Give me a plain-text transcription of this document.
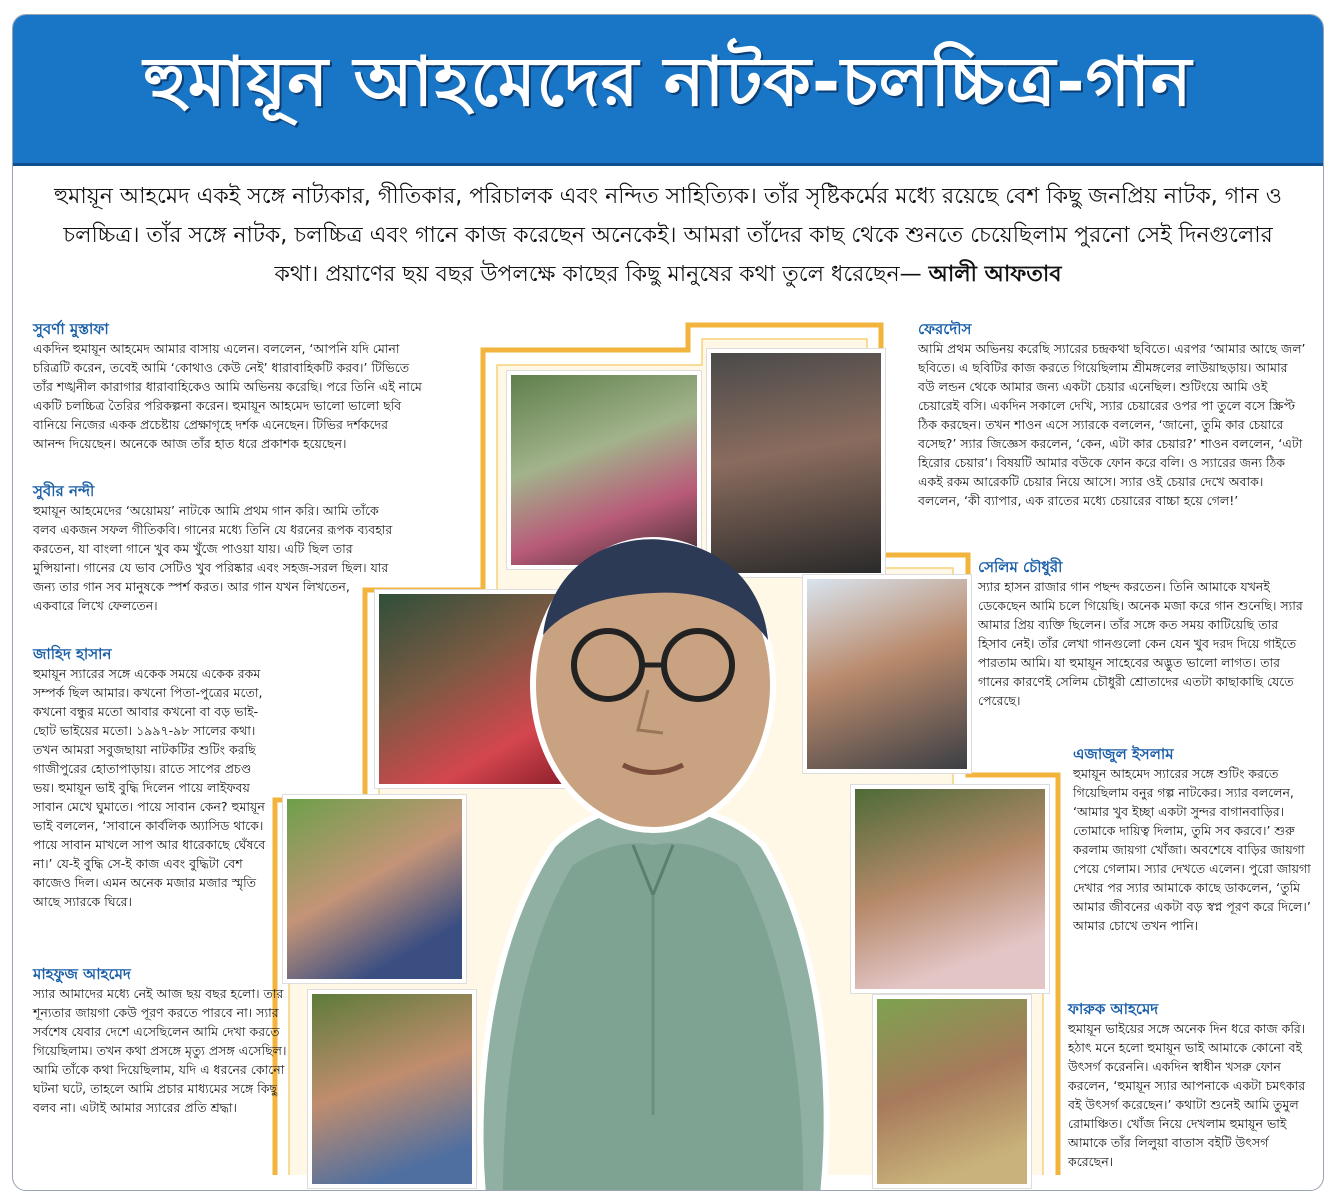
হুমায়ূন আহমেদের নাটক-চলচ্চিত্র-গান
হুমায়ূন আহমেদ একই সঙ্গে নাট্যকার, গীতিকার, পরিচালক এবং নন্দিত সাহিত্যিক। তাঁর সৃষ্টিকর্মের মধ্যে রয়েছে বেশ কিছু জনপ্রিয় নাটক, গান ও চলচ্চিত্র। তাঁর সঙ্গে নাটক, চলচ্চিত্র এবং গানে কাজ করেছেন অনেকেই। আমরা তাঁদের কাছ থেকে শুনতে চেয়েছিলাম পুরনো সেই দিনগুলোর কথা। প্রয়াণের ছয় বছর উপলক্ষে কাছের কিছু মানুষের কথা তুলে ধরেছেন— আলী আফতাব
সুবর্ণা মুস্তাফা

একদিন হুমায়ূন আহমেদ আমার বাসায় এলেন। বললেন, ‘আপনি যদি মোনা চরিত্রটি করেন, তবেই আমি ‘কোথাও কেউ নেই’ ধারাবাহিকটি করব।’ টিভিতে তাঁর শঙ্খনীল কারাগার ধারাবাহিকেও আমি অভিনয় করেছি। পরে তিনি এই নামে একটি চলচ্চিত্র তৈরির পরিকল্পনা করেন। হুমায়ূন আহমেদ ভালো ভালো ছবি বানিয়ে নিজের একক প্রচেষ্টায় প্রেক্ষাগৃহে দর্শক এনেছেন। টিভির দর্শকদের আনন্দ দিয়েছেন। অনেকে আজ তাঁর হাত ধরে প্রকাশক হয়েছেন।

সুবীর নন্দী

হুমায়ূন আহমেদের ‘অয়োময়’ নাটকে আমি প্রথম গান করি। আমি তাঁকে বলব একজন সফল গীতিকবি। গানের মধ্যে তিনি যে ধরনের রূপক ব্যবহার করতেন, যা বাংলা গানে খুব কম খুঁজে পাওয়া যায়। এটি ছিল তার মুন্সিয়ানা। গানের যে ভাব সেটিও খুব পরিষ্কার এবং সহজ-সরল ছিল। যার জন্য তার গান সব মানুষকে স্পর্শ করত। আর গান যখন লিখতেন, একবারে লিখে ফেলতেন।

জাহিদ হাসান

হুমায়ূন স্যারের সঙ্গে একেক সময়ে একেক রকম সম্পর্ক ছিল আমার। কখনো পিতা-পুত্রের মতো, কখনো বন্ধুর মতো আবার কখনো বা বড় ভাই-ছোট ভাইয়ের মতো। ১৯৯৭-৯৮ সালের কথা। তখন আমরা সবুজছায়া নাটকটির শুটিং করছি গাজীপুরের হোতাপাড়ায়। রাতে সাপের প্রচণ্ড ভয়। হুমায়ূন ভাই বুদ্ধি দিলেন পায়ে লাইফবয় সাবান মেখে ঘুমাতে। পায়ে সাবান কেন? হুমায়ূন ভাই বললেন, ‘সাবানে কার্বলিক অ্যাসিড থাকে। পায়ে সাবান মাখলে সাপ আর ধারেকাছে ঘেঁষবে না।’ যে-ই বুদ্ধি সে-ই কাজ এবং বুদ্ধিটা বেশ কাজেও দিল। এমন অনেক মজার মজার স্মৃতি আছে স্যারকে ঘিরে।

মাহফুজ আহমেদ

স্যার আমাদের মধ্যে নেই আজ ছয় বছর হলো। তার শূন্যতার জায়গা কেউ পূরণ করতে পারবে না। স্যার সর্বশেষ যেবার দেশে এসেছিলেন আমি দেখা করতে গিয়েছিলাম। তখন কথা প্রসঙ্গে মৃত্যু প্রসঙ্গ এসেছিল। আমি তাঁকে কথা দিয়েছিলাম, যদি এ ধরনের কোনো ঘটনা ঘটে, তাহলে আমি প্রচার মাধ্যমের সঙ্গে কিছু বলব না। এটাই আমার স্যারের প্রতি শ্রদ্ধা।

ফেরদৌস

আমি প্রথম অভিনয় করেছি স্যারের চন্দ্রকথা ছবিতে। এরপর ‘আমার আছে জল’ ছবিতে। এ ছবিটির কাজ করতে গিয়েছিলাম শ্রীমঙ্গলের লাউয়াছড়ায়। আমার বউ লন্ডন থেকে আমার জন্য একটা চেয়ার এনেছিল। শুটিংয়ে আমি ওই চেয়ারেই বসি। একদিন সকালে দেখি, স্যার চেয়ারের ওপর পা তুলে বসে স্ক্রিপ্ট ঠিক করছেন। তখন শাওন এসে স্যারকে বললেন, ‘জানো, তুমি কার চেয়ারে বসেছ?’ স্যার জিজ্ঞেস করলেন, ‘কেন, এটা কার চেয়ার?’ শাওন বললেন, ‘এটা হিরোর চেয়ার’। বিষয়টি আমার বউকে ফোন করে বলি। ও স্যারের জন্য ঠিক একই রকম আরেকটি চেয়ার নিয়ে আসে। স্যার ওই চেয়ার দেখে অবাক। বললেন, ‘কী ব্যাপার, এক রাতের মধ্যে চেয়ারের বাচ্চা হয়ে গেল!’

সেলিম চৌধুরী

স্যার হাসন রাজার গান পছন্দ করতেন। তিনি আমাকে যখনই ডেকেছেন আমি চলে গিয়েছি। অনেক মজা করে গান শুনেছি। স্যার আমার প্রিয় ব্যক্তি ছিলেন। তাঁর সঙ্গে কত সময় কাটিয়েছি তার হিসাব নেই। তাঁর লেখা গানগুলো কেন যেন খুব দরদ দিয়ে গাইতে পারতাম আমি। যা হুমায়ূন সাহেবের অদ্ভুত ভালো লাগত। তার গানের কারণেই সেলিম চৌধুরী শ্রোতাদের এতটা কাছাকাছি যেতে পেরেছে।

এজাজুল ইসলাম

হুমায়ূন আহমেদ স্যারের সঙ্গে শুটিং করতে গিয়েছিলাম বনুর গল্প নাটকের। স্যার বললেন, ‘আমার খুব ইচ্ছা একটা সুন্দর বাগানবাড়ির। তোমাকে দায়িত্ব দিলাম, তুমি সব করবে।’ শুরু করলাম জায়গা খোঁজা। অবশেষে বাড়ির জায়গা পেয়ে গেলাম। স্যার দেখতে এলেন। পুরো জায়গা দেখার পর স্যার আমাকে কাছে ডাকলেন, ‘তুমি আমার জীবনের একটা বড় স্বপ্ন পূরণ করে দিলে।’ আমার চোখে তখন পানি।

ফারুক আহমেদ

হুমায়ূন ভাইয়ের সঙ্গে অনেক দিন ধরে কাজ করি। হঠাৎ মনে হলো হুমায়ূন ভাই আমাকে কোনো বই উৎসর্গ করেননি। একদিন স্বাধীন খসরু ফোন করলেন, ‘হুমায়ূন স্যার আপনাকে একটা চমৎকার বই উৎসর্গ করেছেন।’ কথাটা শুনেই আমি তুমুল রোমাঞ্চিত। খোঁজ নিয়ে দেখলাম হুমায়ূন ভাই আমাকে তাঁর লিলুয়া বাতাস বইটি উৎসর্গ করেছেন।
